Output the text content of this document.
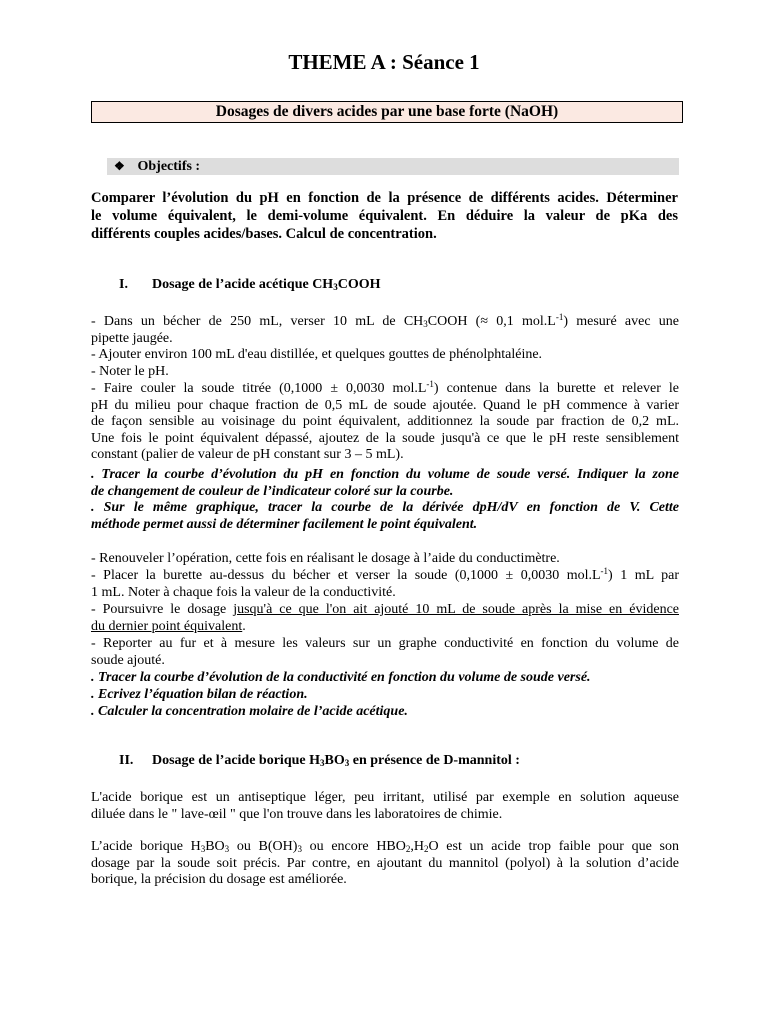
THEME A : Séance 1
Dosages de divers acides par une base forte (NaOH)
❖ Objectifs :
Comparer l’évolution du pH en fonction de la présence de différents acides. Déterminer
le volume équivalent, le demi-volume équivalent. En déduire la valeur de pKa des
différents couples acides/bases. Calcul de concentration.
I. Dosage de l’acide acétique $CH_3COOH$
- Dans un bécher de 250 mL, verser 10 mL de $CH_3COOH$ (≈ 0,1 $mol.L^{-1}$) mesuré avec une
pipette jaugée.
- Ajouter environ 100 mL d'eau distillée, et quelques gouttes de phénolphtaléine.
- Noter le pH.
- Faire couler la soude titrée (0,1000 ± 0,0030 $mol.L^{-1}$) contenue dans la burette et relever le
pH du milieu pour chaque fraction de 0,5 mL de soude ajoutée. Quand le pH commence à varier
de façon sensible au voisinage du point équivalent, additionnez la soude par fraction de 0,2 mL.
Une fois le point équivalent dépassé, ajoutez de la soude jusqu'à ce que le pH reste sensiblement
constant (palier de valeur de pH constant sur 3 – 5 mL).
. Tracer la courbe d’évolution du pH en fonction du volume de soude versé. Indiquer la zone
de changement de couleur de l’indicateur coloré sur la courbe.
. Sur le même graphique, tracer la courbe de la dérivée dpH/dV en fonction de V. Cette
méthode permet aussi de déterminer facilement le point équivalent.
- Renouveler l’opération, cette fois en réalisant le dosage à l’aide du conductimètre.
- Placer la burette au-dessus du bécher et verser la soude (0,1000 ± 0,0030 $mol.L^{-1}$) 1 mL par
1 mL. Noter à chaque fois la valeur de la conductivité.
- Poursuivre le dosage jusqu'à ce que l'on ait ajouté 10 mL de soude après la mise en évidence
du dernier point équivalent.
- Reporter au fur et à mesure les valeurs sur un graphe conductivité en fonction du volume de
soude ajouté.
. Tracer la courbe d’évolution de la conductivité en fonction du volume de soude versé.
. Ecrivez l’équation bilan de réaction.
. Calculer la concentration molaire de l’acide acétique.
II. Dosage de l’acide borique $H_3BO_3$ en présence de D-mannitol :
L'acide borique est un antiseptique léger, peu irritant, utilisé par exemple en solution aqueuse
diluée dans le " lave-œil " que l'on trouve dans les laboratoires de chimie.
L’acide borique $H_3BO_3$ ou $B(OH)_3$ ou encore $HBO_2,H_2O$ est un acide trop faible pour que son
dosage par la soude soit précis. Par contre, en ajoutant du mannitol (polyol) à la solution d’acide
borique, la précision du dosage est améliorée.
